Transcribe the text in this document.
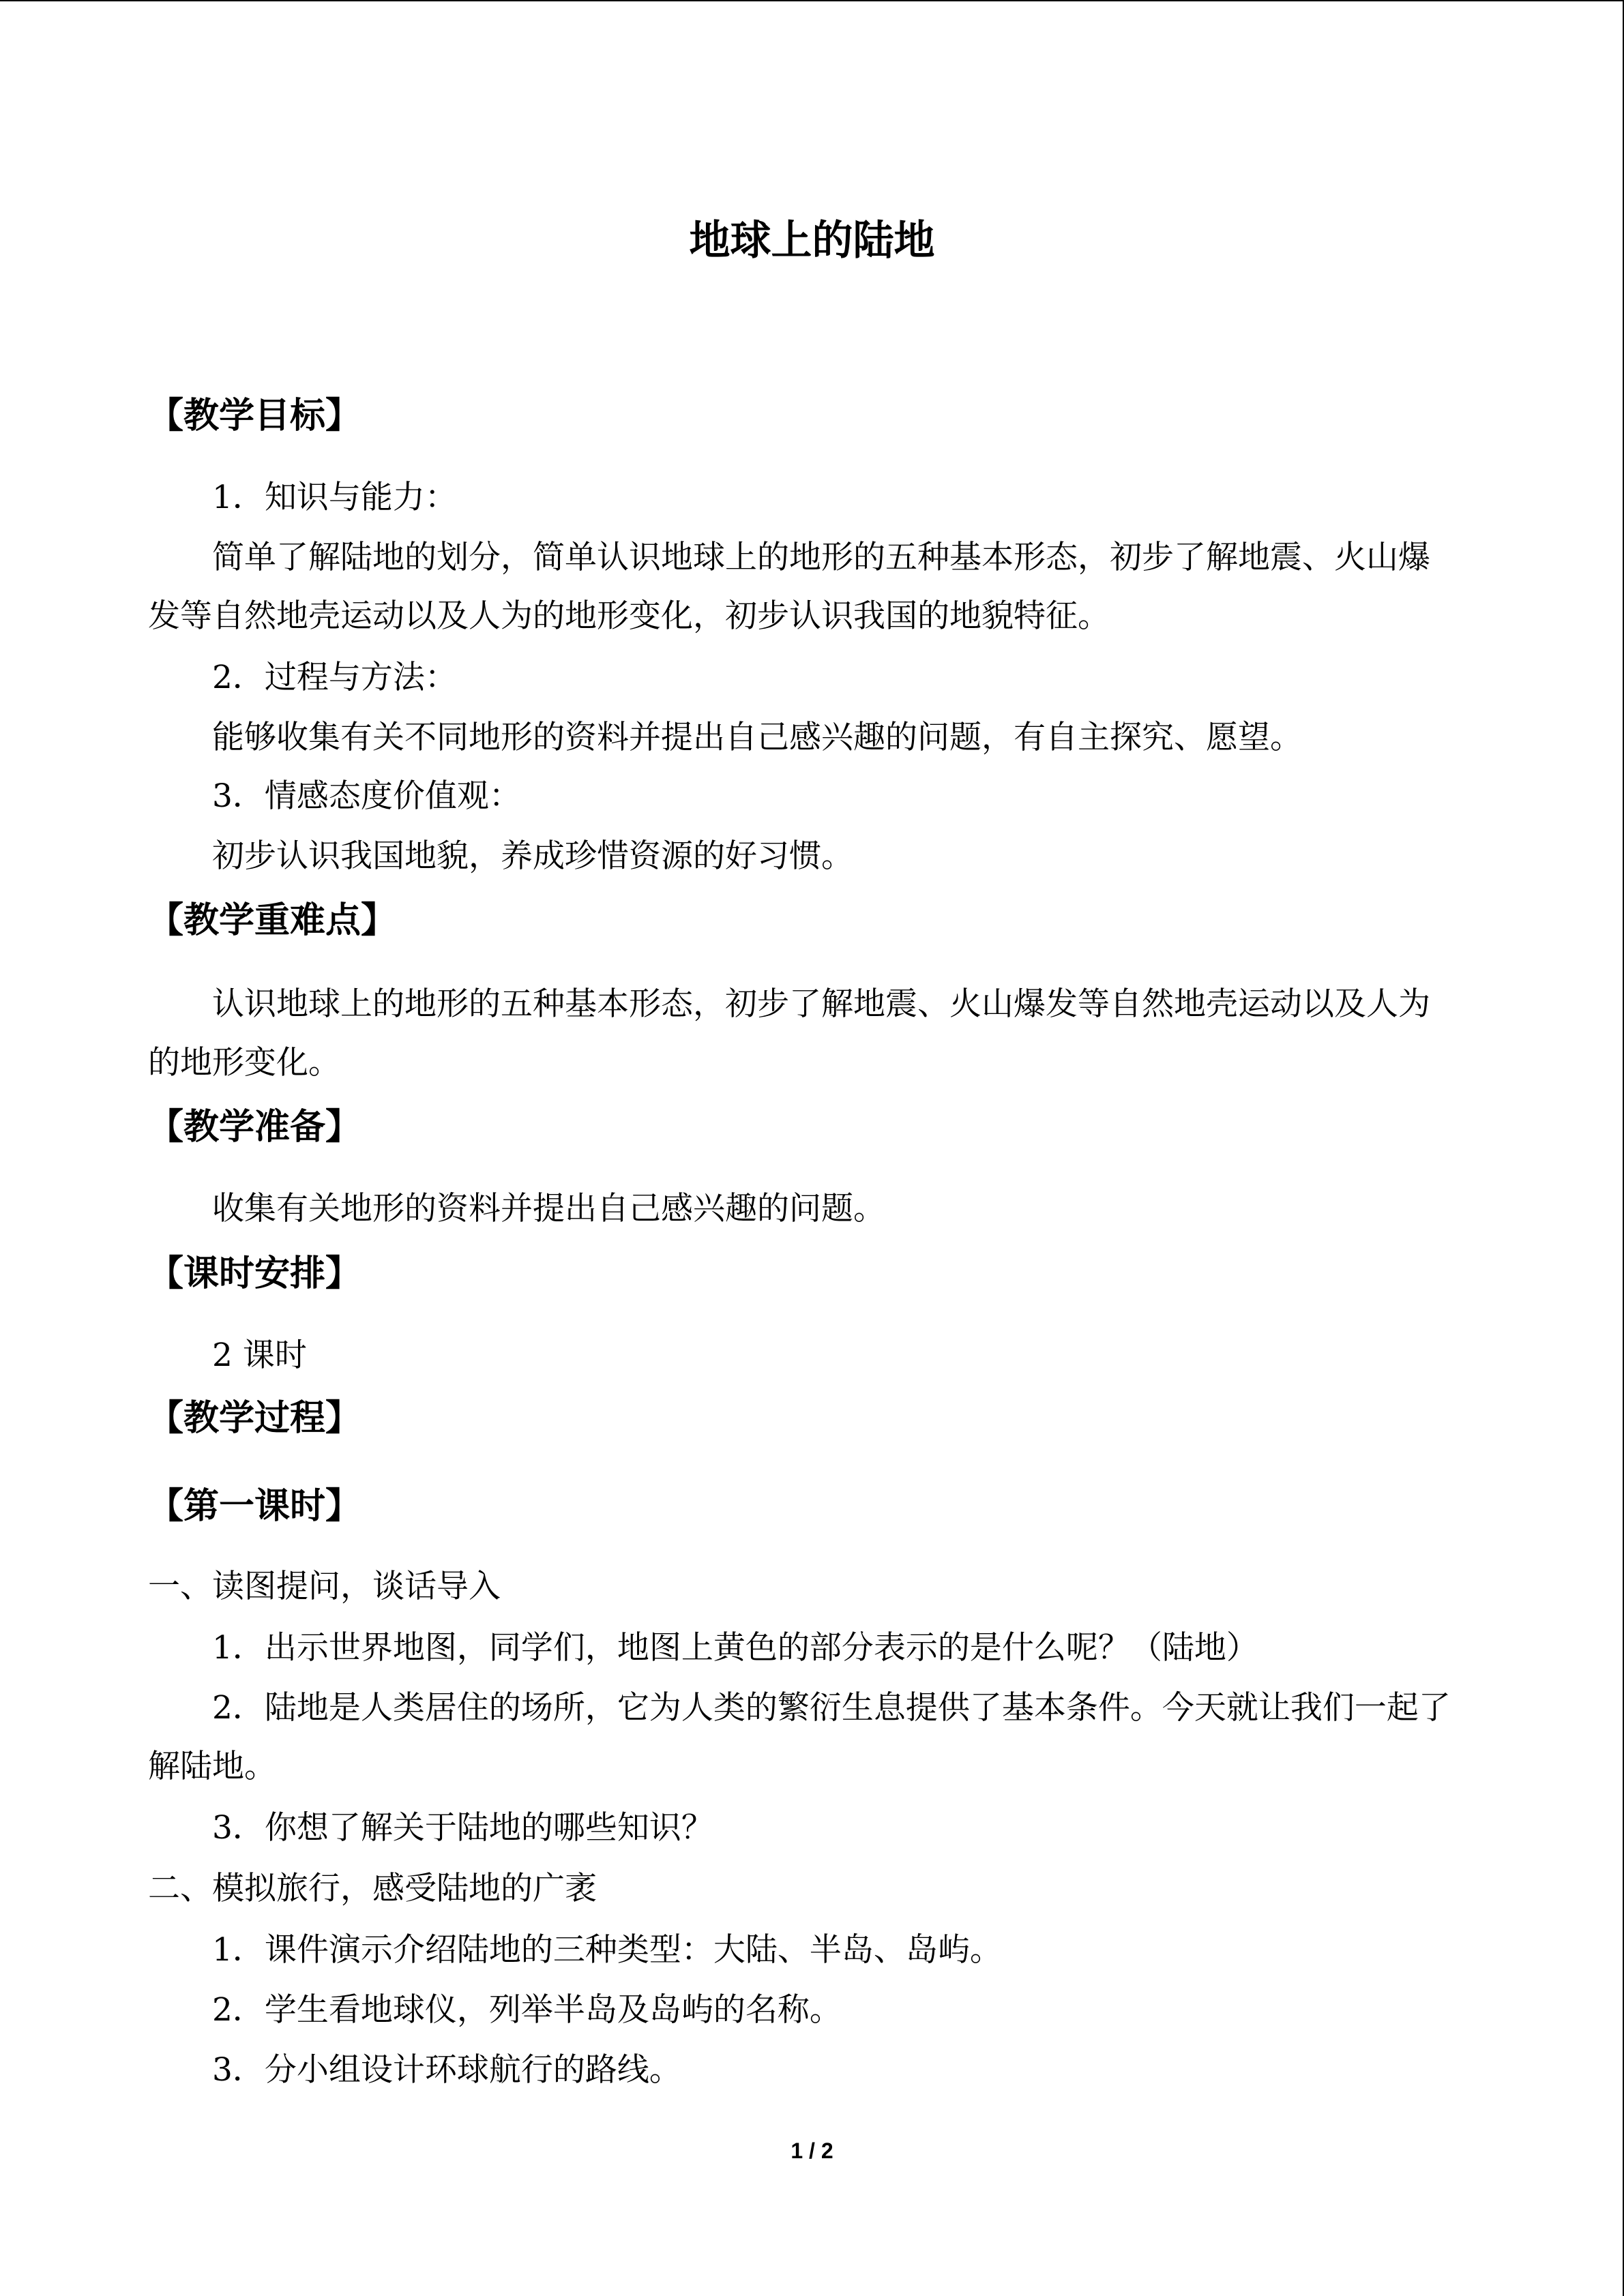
地球上的陆地
【教学目标】
1．知识与能力：
简单了解陆地的划分，简单认识地球上的地形的五种基本形态，初步了解地震、火山爆
发等自然地壳运动以及人为的地形变化，初步认识我国的地貌特征。
2．过程与方法：
能够收集有关不同地形的资料并提出自己感兴趣的问题，有自主探究、愿望。
3．情感态度价值观：
初步认识我国地貌，养成珍惜资源的好习惯。
【教学重难点】
认识地球上的地形的五种基本形态，初步了解地震、火山爆发等自然地壳运动以及人为
的地形变化。
【教学准备】
收集有关地形的资料并提出自己感兴趣的问题。
【课时安排】
2 课时
【教学过程】
【第一课时】
一、读图提问，谈话导入
1．出示世界地图，同学们，地图上黄色的部分表示的是什么呢？（陆地）
2．陆地是人类居住的场所，它为人类的繁衍生息提供了基本条件。今天就让我们一起了
解陆地。
3．你想了解关于陆地的哪些知识？
二、模拟旅行，感受陆地的广袤
1．课件演示介绍陆地的三种类型：大陆、半岛、岛屿。
2．学生看地球仪，列举半岛及岛屿的名称。
3．分小组设计环球航行的路线。
1 / 2
